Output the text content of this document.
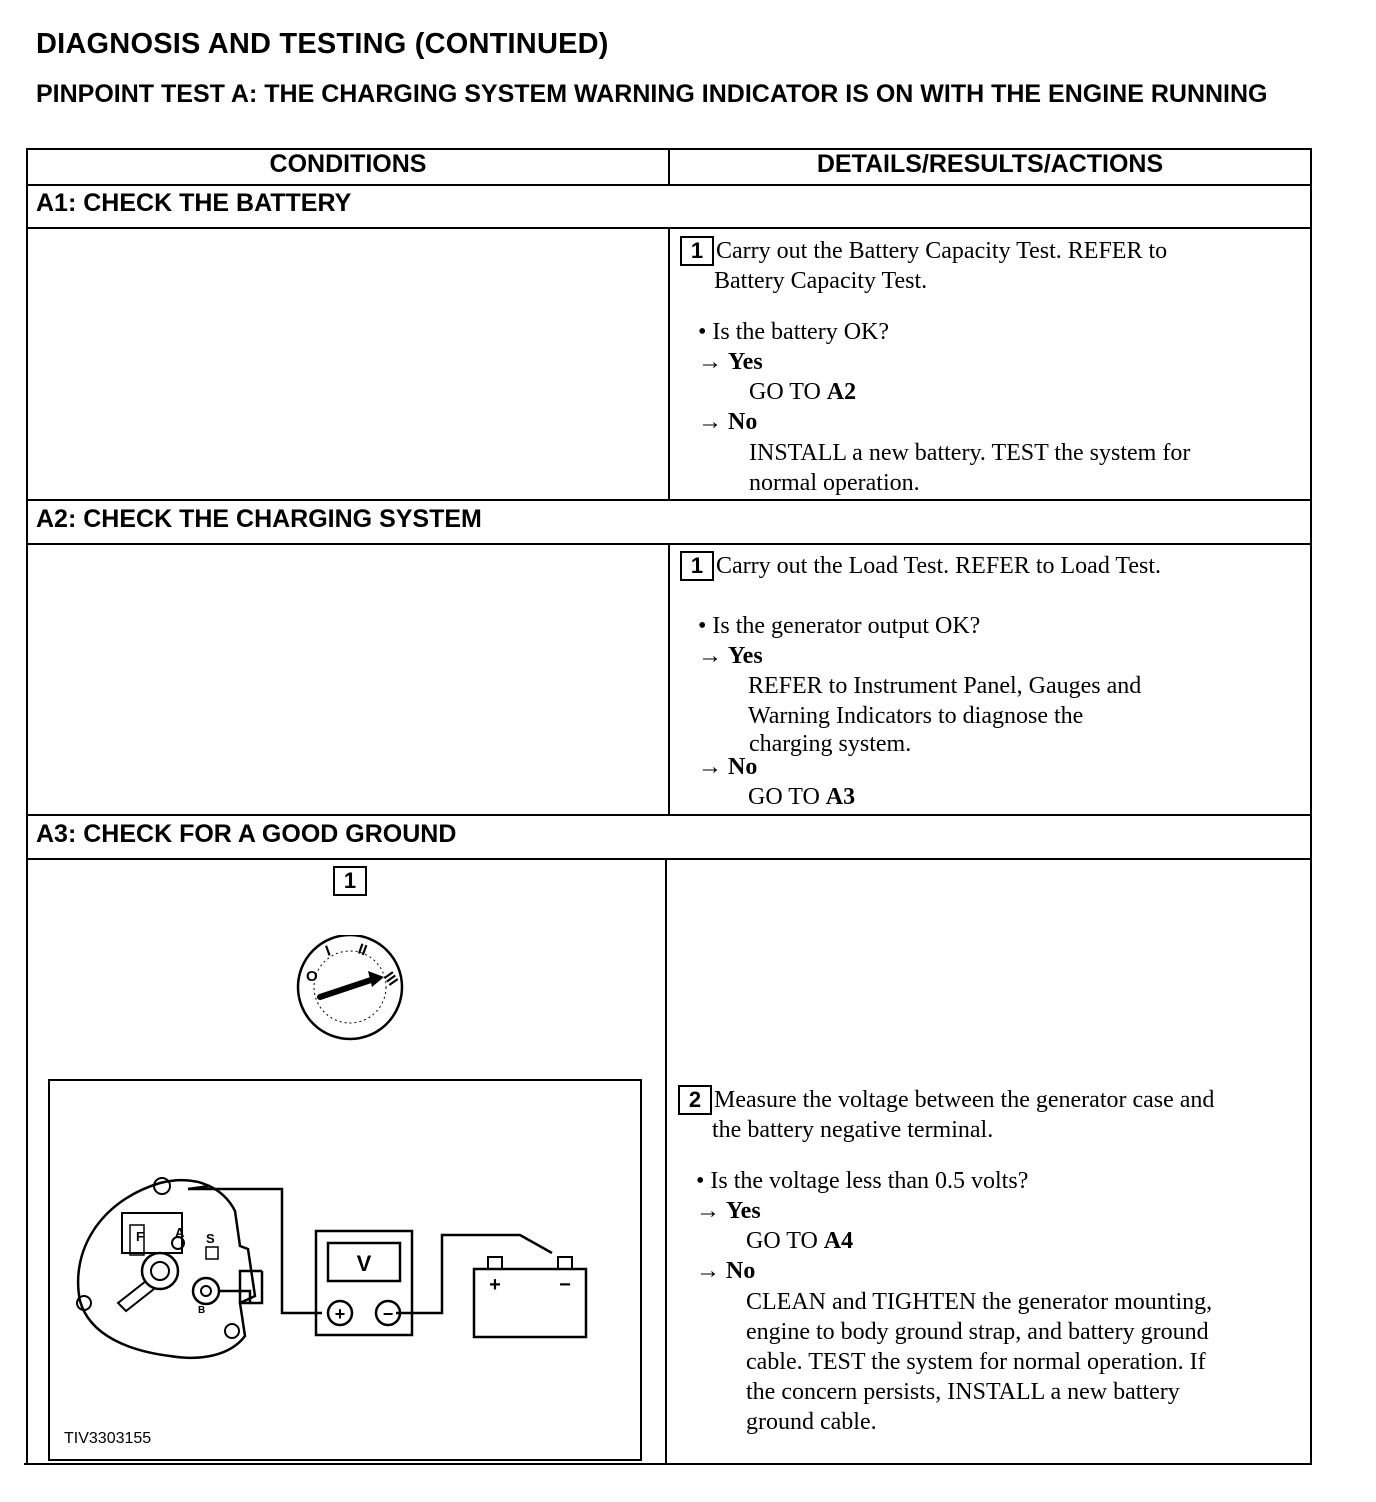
DIAGNOSIS AND TESTING (CONTINUED)
PINPOINT TEST A: THE CHARGING SYSTEM WARNING INDICATOR IS ON WITH THE ENGINE RUNNING
CONDITIONS	DETAILS/RESULTS/ACTIONS
A1: CHECK THE BATTERY
1 Carry out the Battery Capacity Test. REFER to
Battery Capacity Test.
• Is the battery OK?
→ Yes
GO TO A2
→ No
INSTALL a new battery. TEST the system for
normal operation.
A2: CHECK THE CHARGING SYSTEM
1 Carry out the Load Test. REFER to Load Test.
• Is the generator output OK?
→ Yes
REFER to Instrument Panel, Gauges and
Warning Indicators to diagnose the
charging system.
→ No
GO TO A3
A3: CHECK FOR A GOOD GROUND
1
O
I II
III
F A S
B
V
+ −
+	−
TIV3303155
2 Measure the voltage between the generator case and
the battery negative terminal.
• Is the voltage less than 0.5 volts?
→ Yes
GO TO A4
→ No
CLEAN and TIGHTEN the generator mounting,
engine to body ground strap, and battery ground
cable. TEST the system for normal operation. If
the concern persists, INSTALL a new battery
ground cable.
